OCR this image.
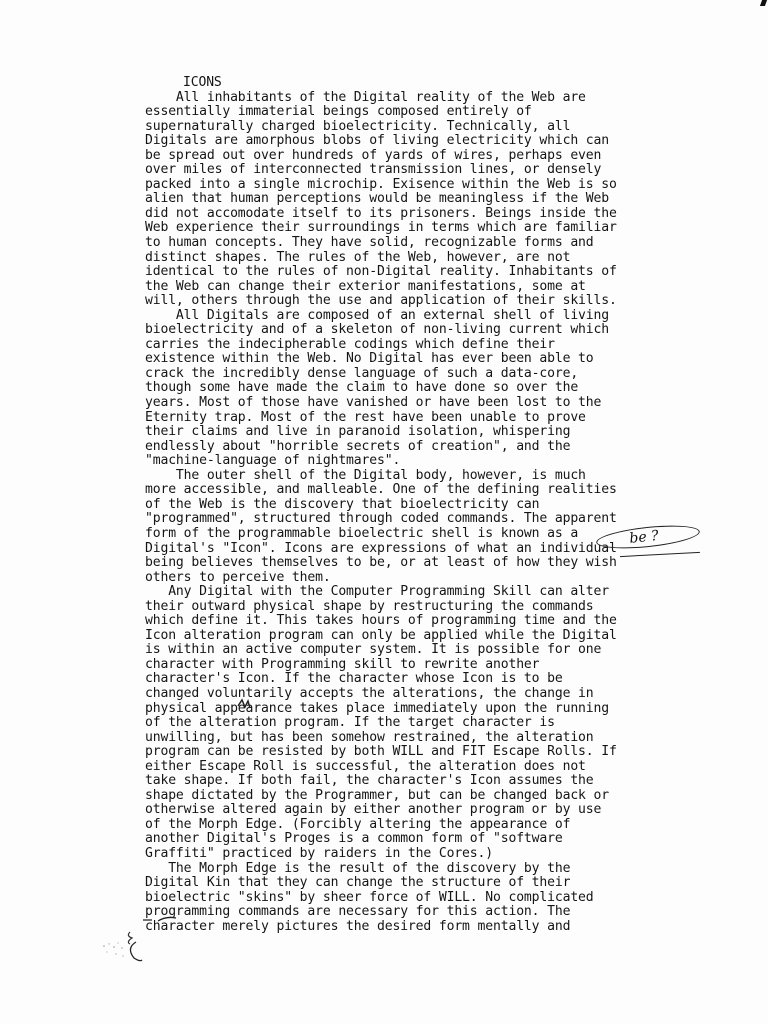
ICONS
All inhabitants of the Digital reality of the Web are
essentially immaterial beings composed entirely of
supernaturally charged bioelectricity. Technically, all
Digitals are amorphous blobs of living electricity which can
be spread out over hundreds of yards of wires, perhaps even
over miles of interconnected transmission lines, or densely
packed into a single microchip. Exisence within the Web is so
alien that human perceptions would be meaningless if the Web
did not accomodate itself to its prisoners. Beings inside the
Web experience their surroundings in terms which are familiar
to human concepts. They have solid, recognizable forms and
distinct shapes. The rules of the Web, however, are not
identical to the rules of non-Digital reality. Inhabitants of
the Web can change their exterior manifestations, some at
will, others through the use and application of their skills.
All Digitals are composed of an external shell of living
bioelectricity and of a skeleton of non-living current which
carries the indecipherable codings which define their
existence within the Web. No Digital has ever been able to
crack the incredibly dense language of such a data-core,
though some have made the claim to have done so over the
years. Most of those have vanished or have been lost to the
Eternity trap. Most of the rest have been unable to prove
their claims and live in paranoid isolation, whispering
endlessly about "horrible secrets of creation", and the
"machine-language of nightmares".
The outer shell of the Digital body, however, is much
more accessible, and malleable. One of the defining realities
of the Web is the discovery that bioelectricity can
"programmed", structured through coded commands. The apparent
form of the programmable bioelectric shell is known as a
Digital's "Icon". Icons are expressions of what an individual
being believes themselves to be, or at least of how they wish
others to perceive them.
Any Digital with the Computer Programming Skill can alter
their outward physical shape by restructuring the commands
which define it. This takes hours of programming time and the
Icon alteration program can only be applied while the Digital
is within an active computer system. It is possible for one
character with Programming skill to rewrite another
character's Icon. If the character whose Icon is to be
changed voluntarily accepts the alterations, the change in
physical appearance takes place immediately upon the running
of the alteration program. If the target character is
unwilling, but has been somehow restrained, the alteration
program can be resisted by both WILL and FIT Escape Rolls. If
either Escape Roll is successful, the alteration does not
take shape. If both fail, the character's Icon assumes the
shape dictated by the Programmer, but can be changed back or
otherwise altered again by either another program or by use
of the Morph Edge. (Forcibly altering the appearance of
another Digital's Proges is a common form of "software
Graffiti" practiced by raiders in the Cores.)
The Morph Edge is the result of the discovery by the
Digital Kin that they can change the structure of their
bioelectric "skins" by sheer force of WILL. No complicated
programming commands are necessary for this action. The
character merely pictures the desired form mentally and
be ?
